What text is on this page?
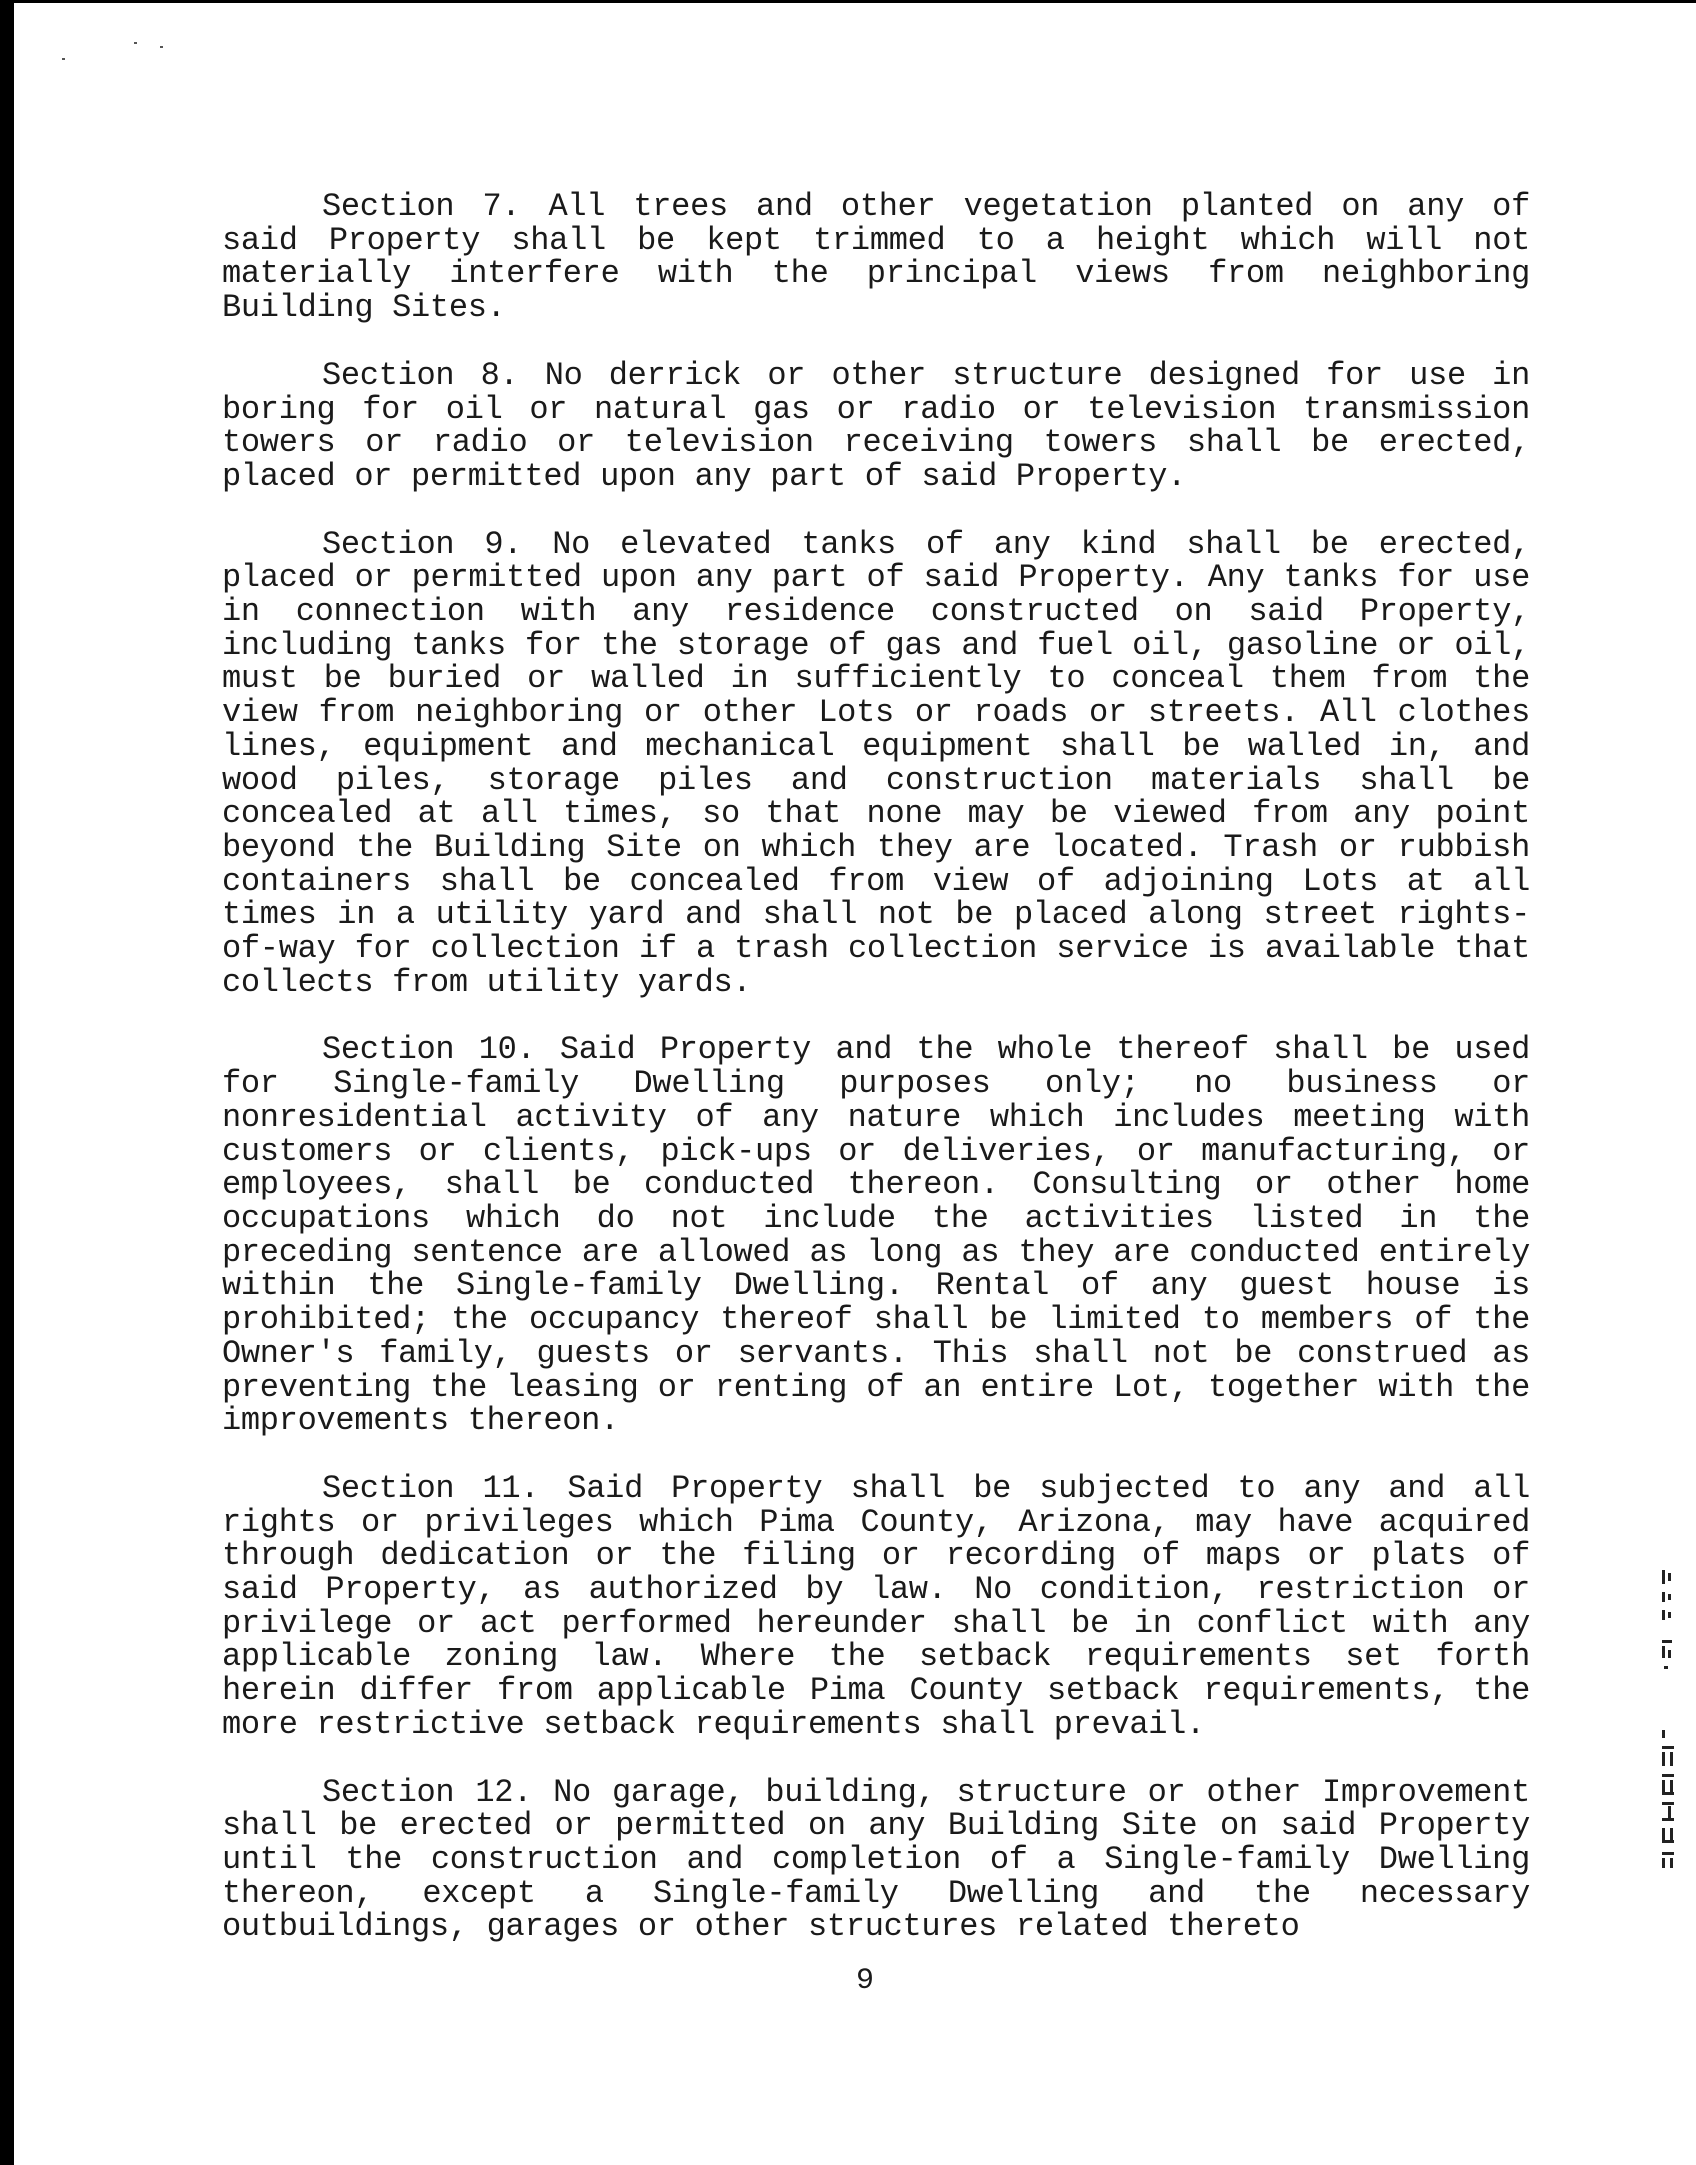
Section 7. All trees and other vegetation planted on any of said Property shall be kept trimmed to a height which will not materially interfere with the principal views from neighboring Building Sites.

Section 8. No derrick or other structure designed for use in boring for oil or natural gas or radio or television transmission towers or radio or television receiving towers shall be erected, placed or permitted upon any part of said Property.

Section 9. No elevated tanks of any kind shall be erected, placed or permitted upon any part of said Property. Any tanks for use in connection with any residence constructed on said Property, including tanks for the storage of gas and fuel oil, gasoline or oil, must be buried or walled in sufficiently to conceal them from the view from neighboring or other Lots or roads or streets. All clothes lines, equipment and mechanical equipment shall be walled in, and wood piles, storage piles and construction materials shall be concealed at all times, so that none may be viewed from any point beyond the Building Site on which they are located. Trash or rubbish containers shall be concealed from view of adjoining Lots at all times in a utility yard and shall not be placed along street rights-of-way for collection if a trash collection service is available that collects from utility yards.

Section 10. Said Property and the whole thereof shall be used for Single-family Dwelling purposes only; no business or nonresidential activity of any nature which includes meeting with customers or clients, pick-ups or deliveries, or manufacturing, or employees, shall be conducted thereon. Consulting or other home occupations which do not include the activities listed in the preceding sentence are allowed as long as they are conducted entirely within the Single-family Dwelling. Rental of any guest house is prohibited; the occupancy thereof shall be limited to members of the Owner's family, guests or servants. This shall not be construed as preventing the leasing or renting of an entire Lot, together with the improvements thereon.

Section 11. Said Property shall be subjected to any and all rights or privileges which Pima County, Arizona, may have acquired through dedication or the filing or recording of maps or plats of said Property, as authorized by law. No condition, restriction or privilege or act performed hereunder shall be in conflict with any applicable zoning law. Where the setback requirements set forth herein differ from applicable Pima County setback requirements, the more restrictive setback requirements shall prevail.

Section 12. No garage, building, structure or other Improvement shall be erected or permitted on any Building Site on said Property until the construction and completion of a Single-family Dwelling thereon, except a Single-family Dwelling and the necessary outbuildings, garages or other structures related thereto

9
